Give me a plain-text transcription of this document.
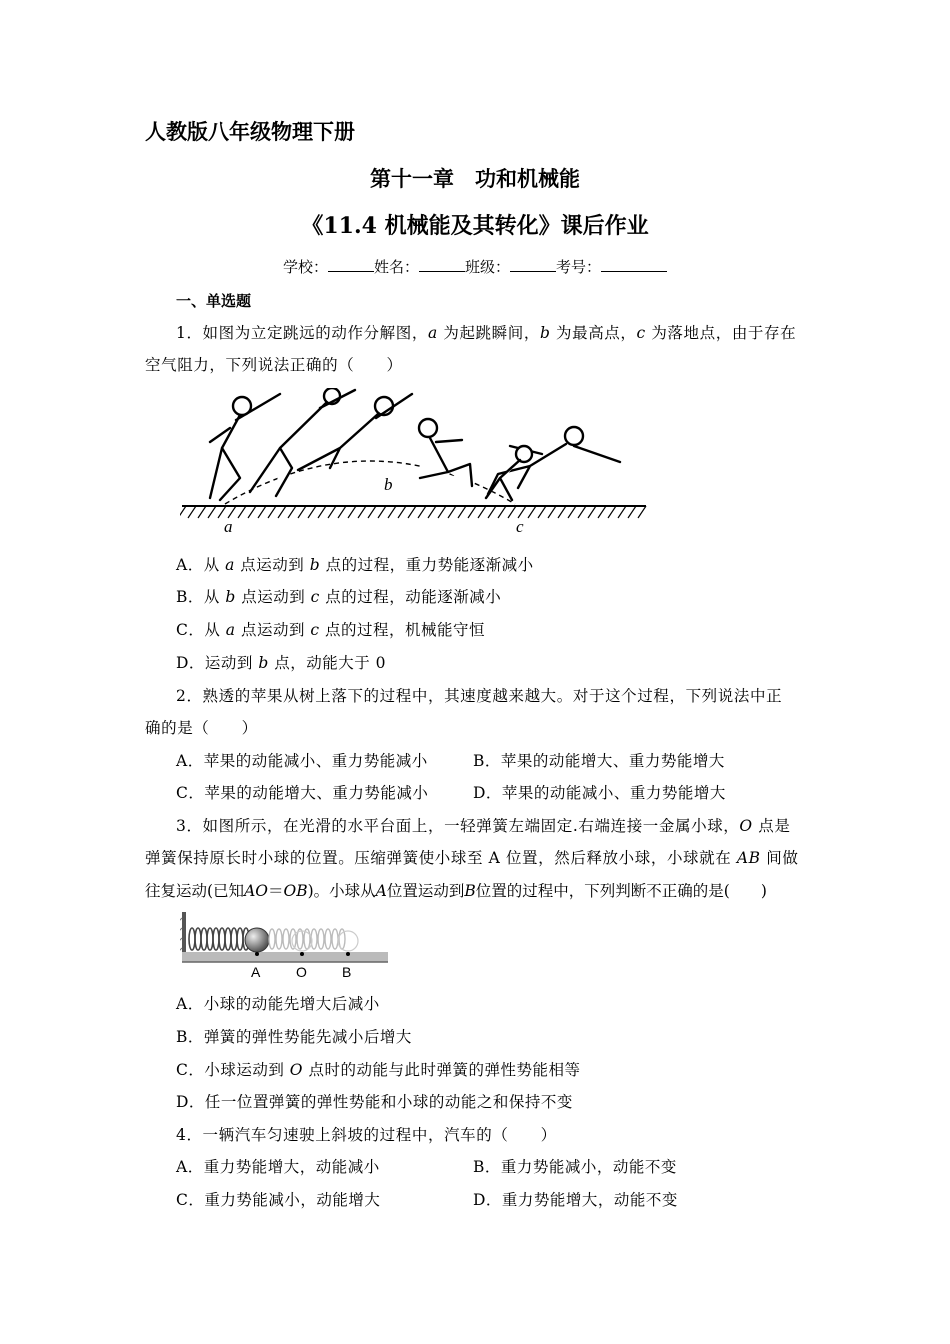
人教版八年级物理下册
第十一章　功和机械能
《11.4 机械能及其转化》课后作业
学校：	姓名：	班级：	考号：
一、单选题
1．如图为立定跳远的动作分解图，a 为起跳瞬间，b 为最高点，c 为落地点，由于存在
空气阻力，下列说法正确的（　　）
b
a	c
A．从 a 点运动到 b 点的过程，重力势能逐渐减小
B．从 b 点运动到 c 点的过程，动能逐渐减小
C．从 a 点运动到 c 点的过程，机械能守恒
D．运动到 b 点，动能大于 0
2．熟透的苹果从树上落下的过程中，其速度越来越大。对于这个过程，下列说法中正
确的是（　　）
A．苹果的动能减小、重力势能减小	B．苹果的动能增大、重力势能增大
C．苹果的动能增大、重力势能减小	D．苹果的动能减小、重力势能增大
3．如图所示，在光滑的水平台面上，一轻弹簧左端固定.右端连接一金属小球，O 点是
弹簧保持原长时小球的位置。压缩弹簧使小球至 A 位置，然后释放小球，小球就在 AB 间做
往复运动(已知AO＝OB)。小球从A位置运动到B位置的过程中，下列判断不正确的是(　　)
A	O	B
A．小球的动能先增大后减小
B．弹簧的弹性势能先减小后增大
C．小球运动到 O 点时的动能与此时弹簧的弹性势能相等
D．任一位置弹簧的弹性势能和小球的动能之和保持不变
4．一辆汽车匀速驶上斜坡的过程中，汽车的（　　）
A．重力势能增大，动能减小	B．重力势能减小，动能不变
C．重力势能减小，动能增大	D．重力势能增大，动能不变
